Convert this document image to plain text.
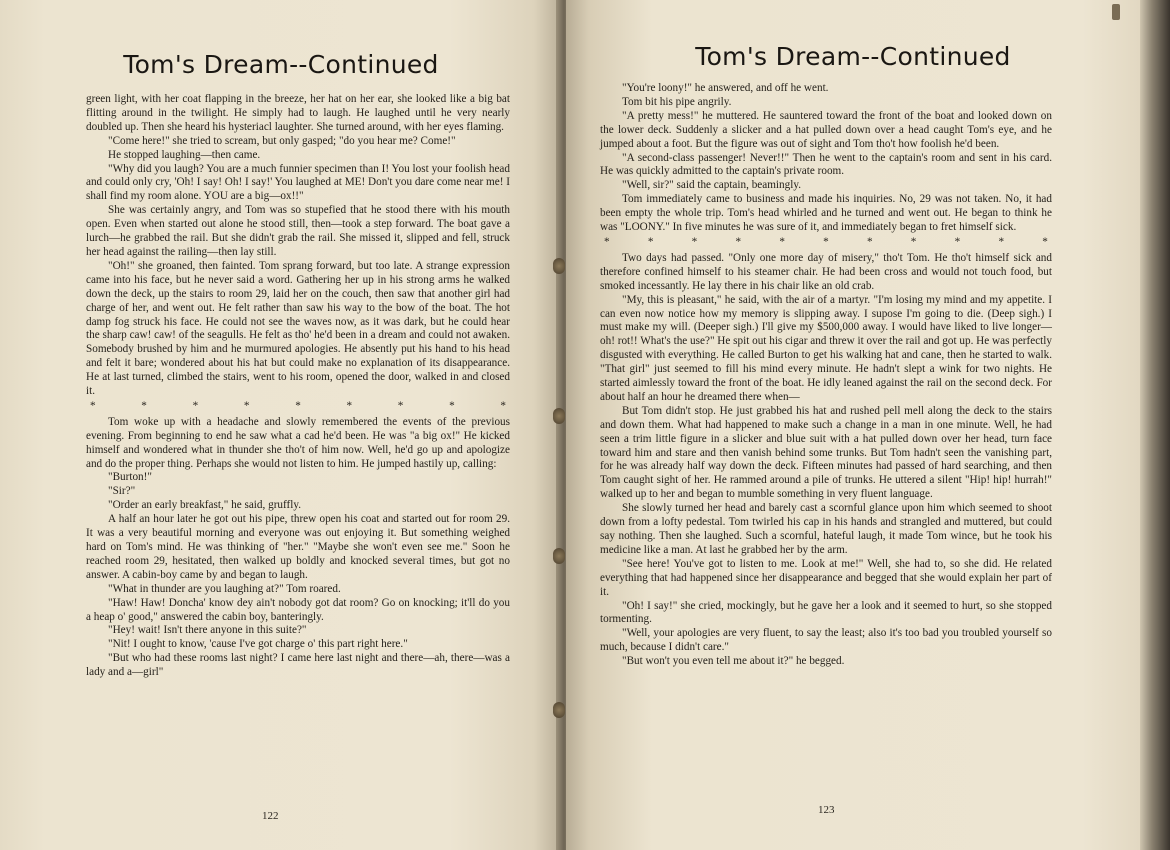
Tom's Dream--Continued

green light, with her coat flapping in the breeze, her hat on her ear, she looked like a big bat flitting around in the twilight. He simply had to laugh. He laughed until he very nearly doubled up. Then she heard his hysteriacl laughter. She turned around, with her eyes flaming.

"Come here!" she tried to scream, but only gasped; "do you hear me? Come!"

He stopped laughing—then came.

"Why did you laugh? You are a much funnier specimen than I! You lost your foolish head and could only cry, 'Oh! I say! Oh! I say!' You laughed at ME! Don't you dare come near me! I shall find my room alone. YOU are a big—ox!!"

She was certainly angry, and Tom was so stupefied that he stood there with his mouth open. Even when started out alone he stood still, then—took a step forward. The boat gave a lurch—he grabbed the rail. But she didn't grab the rail. She missed it, slipped and fell, struck her head against the railing—then lay still.

"Oh!" she groaned, then fainted. Tom sprang forward, but too late. A strange expression came into his face, but he never said a word. Gathering her up in his strong arms he walked down the deck, up the stairs to room 29, laid her on the couch, then saw that another girl had charge of her, and went out. He felt rather than saw his way to the bow of the boat. The hot damp fog struck his face. He could not see the waves now, as it was dark, but he could hear the sharp caw! caw! of the seagulls. He felt as tho' he'd been in a dream and could not awaken. Somebody brushed by him and he murmured apologies. He absently put his hand to his head and felt it bare; wondered about his hat but could make no explanation of its disappearance. He at last turned, climbed the stairs, went to his room, opened the door, walked in and closed it.

*	*	*	*	*	*	*	*	*

Tom woke up with a headache and slowly remembered the events of the previous evening. From beginning to end he saw what a cad he'd been. He was "a big ox!" He kicked himself and wondered what in thunder she tho't of him now. Well, he'd go up and apologize and do the proper thing. Perhaps she would not listen to him. He jumped hastily up, calling:

"Burton!"

"Sir?"

"Order an early breakfast," he said, gruffly.

A half an hour later he got out his pipe, threw open his coat and started out for room 29. It was a very beautiful morning and everyone was out enjoying it. But something weighed hard on Tom's mind. He was thinking of "her." "Maybe she won't even see me." Soon he reached room 29, hesitated, then walked up boldly and knocked several times, but got no answer. A cabin-boy came by and began to laugh.

"What in thunder are you laughing at?" Tom roared.

"Haw! Haw! Doncha' know dey ain't nobody got dat room? Go on knocking; it'll do you a heap o' good," answered the cabin boy, banteringly.

"Hey! wait! Isn't there anyone in this suite?"

"Nit! I ought to know, 'cause I've got charge o' this part right here."

"But who had these rooms last night? I came here last night and there—ah, there—was a lady and a—girl"

122
Tom's Dream--Continued

"You're loony!" he answered, and off he went.

Tom bit his pipe angrily.

"A pretty mess!" he muttered. He sauntered toward the front of the boat and looked down on the lower deck. Suddenly a slicker and a hat pulled down over a head caught Tom's eye, and he jumped about a foot. But the figure was out of sight and Tom tho't how foolish he'd been.

"A second-class passenger! Never!!" Then he went to the captain's room and sent in his card. He was quickly admitted to the captain's private room.

"Well, sir?" said the captain, beamingly.

Tom immediately came to business and made his inquiries. No, 29 was not taken. No, it had been empty the whole trip. Tom's head whirled and he turned and went out. He began to think he was "LOONY." In five minutes he was sure of it, and immediately began to fret himself sick.

*	*	*	*	*	*	*	*	*	*	*

Two days had passed. "Only one more day of misery," tho't Tom. He tho't himself sick and therefore confined himself to his steamer chair. He had been cross and would not touch food, but smoked incessantly. He lay there in his chair like an old crab.

"My, this is pleasant," he said, with the air of a martyr. "I'm losing my mind and my appetite. I can even now notice how my memory is slipping away. I supose I'm going to die. (Deep sigh.) I must make my will. (Deeper sigh.) I'll give my $500,000 away. I would have liked to live longer—oh! rot!! What's the use?" He spit out his cigar and threw it over the rail and got up. He was perfectly disgusted with everything. He called Burton to get his walking hat and cane, then he started to walk. "That girl" just seemed to fill his mind every minute. He hadn't slept a wink for two nights. He started aimlessly toward the front of the boat. He idly leaned against the rail on the second deck. For about half an hour he dreamed there when—

But Tom didn't stop. He just grabbed his hat and rushed pell mell along the deck to the stairs and down them. What had happened to make such a change in a man in one minute. Well, he had seen a trim little figure in a slicker and blue suit with a hat pulled down over her head, turn face toward him and stare and then vanish behind some trunks. But Tom hadn't seen the vanishing part, for he was already half way down the deck. Fifteen minutes had passed of hard searching, and then Tom caught sight of her. He rammed around a pile of trunks. He uttered a silent "Hip! hip! hurrah!" walked up to her and began to mumble something in very fluent language.

She slowly turned her head and barely cast a scornful glance upon him which seemed to shoot down from a lofty pedestal. Tom twirled his cap in his hands and strangled and muttered, but could say nothing. Then she laughed. Such a scornful, hateful laugh, it made Tom wince, but he took his medicine like a man. At last he grabbed her by the arm.

"See here! You've got to listen to me. Look at me!" Well, she had to, so she did. He related everything that had happened since her disappearance and begged that she would explain her part of it.

"Oh! I say!" she cried, mockingly, but he gave her a look and it seemed to hurt, so she stopped tormenting.

"Well, your apologies are very fluent, to say the least; also it's too bad you troubled yourself so much, because I didn't care."

"But won't you even tell me about it?" he begged.

123
